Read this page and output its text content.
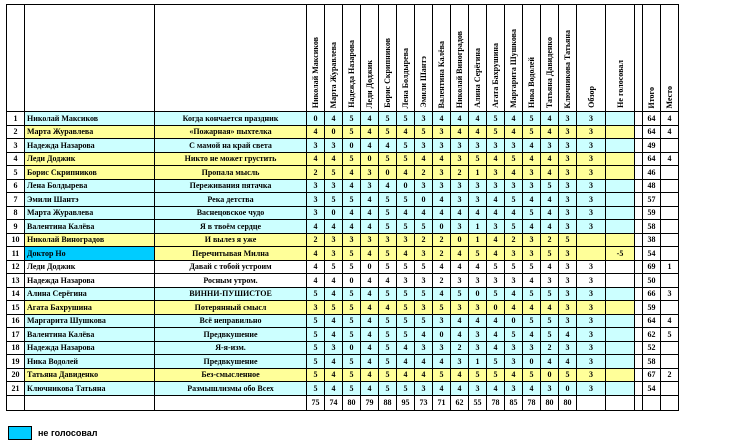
			Николай Максиков	Марта Журавлева	Надежда Назарова	Леди Доджик	Борис Скрипников	Лена Болдырева	Эмили Шантэ	Валентина Калёва	Николай Виноградов	Алина Серёгина	Агата Бахрушина	Маргарита Шушкова	Ника Водолей	Татьяна Давиденко	Ключникова Татьяна	Обзор	Не голосовал		Итого	Место
1	Николай Максиков	Когда кончается праздник	0	4	5	4	5	5	3	4	4	4	5	4	5	4	3	3			64	4
2	Марта Журавлева	«Пожарная» пыхтелка	4	0	5	4	5	4	5	3	4	4	5	4	5	4	3	3			64	4
3	Надежда Назарова	С мамой на край света	3	3	0	4	4	5	3	3	3	3	3	3	4	3	3	3			49	
4	Леди Доджик	Никто не может грустить	4	4	5	0	5	5	4	4	3	5	4	5	4	4	3	3			64	4
5	Борис Скрипников	Пропала мысль	2	5	4	3	0	4	2	3	2	1	3	4	3	4	3	3			46	
6	Лена Болдырева	Переживания пятачка	3	3	4	3	4	0	3	3	3	3	3	3	3	5	3	3			48	
7	Эмили Шантэ	Река детства	3	5	5	4	5	5	0	4	3	3	4	5	4	4	3	3			57	
8	Марта Журавлева	Васнецовское чудо	3	0	4	4	5	4	4	4	4	4	4	4	5	4	3	3			59	
9	Валентина Калёва	Я в твоём сердце	4	4	4	4	5	5	5	0	3	1	3	5	4	4	3	3			58	
10	Николай Виноградов	И вылез я уже	2	3	3	3	3	3	2	2	0	1	4	2	3	2	5				38	
11	Доктор Но	Перечитывая Милна	4	3	5	4	5	4	3	2	4	5	4	3	3	5	3		-5		54	
12	Леди Доджик	Давай с тобой устроим	4	5	5	0	5	5	5	4	4	4	5	5	5	4	3	3			69	1
13	Надежда Назарова	Росным утром.	4	4	0	4	4	3	3	2	3	3	3	3	4	3	3	3			50	
14	Алина Серёгина	ВИННИ-ПУШИСТОЕ	5	4	5	4	5	5	5	4	5	0	5	4	5	5	3	3			66	3
15	Агата Бахрушина	Потерянный смысл	3	5	5	4	4	5	3	5	3	3	0	4	4	4	3	3			59	
16	Маргарита Шушкова	Всё неправильно	5	4	5	4	5	5	5	3	4	4	4	0	5	5	3	3			64	4
17	Валентина Калёва	Предвкушение	5	4	5	4	5	5	4	0	4	3	4	5	4	5	4	3			62	5
18	Надежда Назарова	Я-я-изм.	5	3	0	4	5	4	3	3	2	3	4	3	3	2	3	3			52	
19	Ника Водолей	Предвкушение	5	4	5	4	5	4	4	4	3	1	5	3	0	4	4	3			58	
20	Татьяна Давиденко	Без-смысленное	5	4	5	4	5	4	4	5	4	5	5	4	5	0	5	3			67	2
21	Ключникова Татьяна	Размышлизмы обо Всех	5	4	5	4	5	5	3	4	4	3	4	3	4	3	0	3			54	
			75	74	80	79	88	95	73	71	62	55	78	85	78	80	80					
не голосовал
